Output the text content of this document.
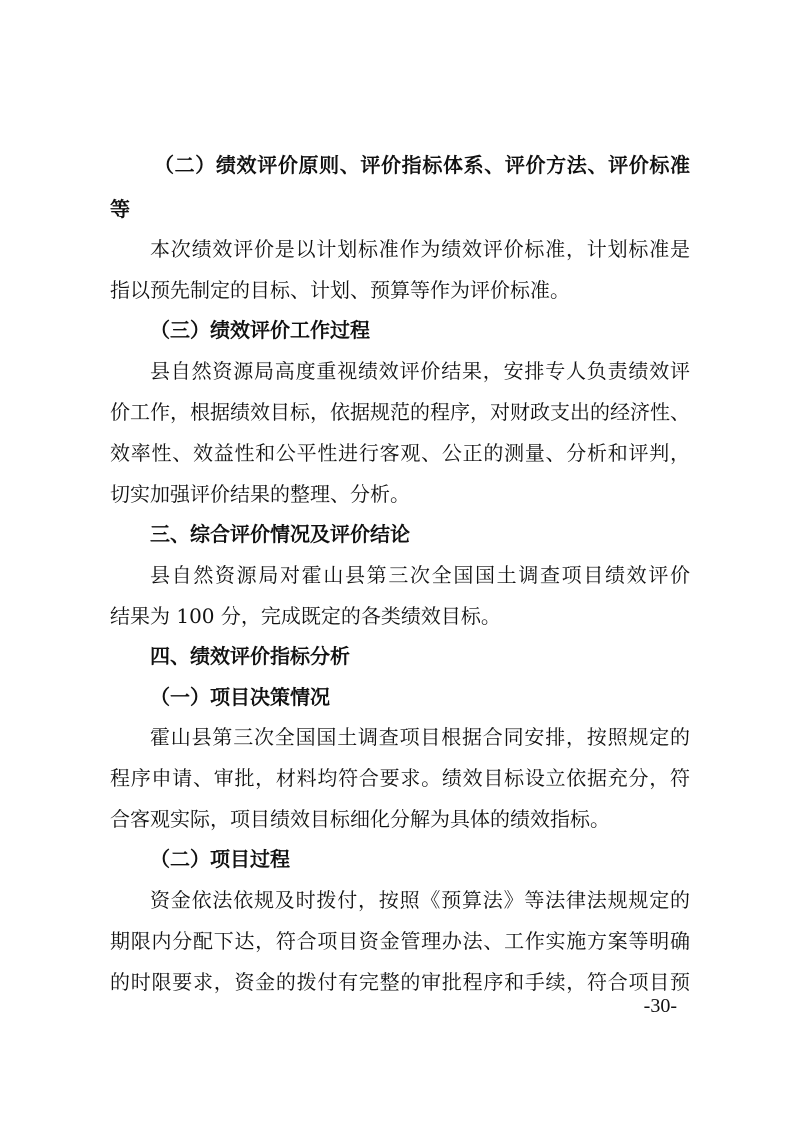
（二）绩效评价原则、评价指标体系、评价方法、评价标准
等
本次绩效评价是以计划标准作为绩效评价标准，计划标准是
指以预先制定的目标、计划、预算等作为评价标准。
（三）绩效评价工作过程
县自然资源局高度重视绩效评价结果，安排专人负责绩效评
价工作，根据绩效目标，依据规范的程序，对财政支出的经济性、
效率性、效益性和公平性进行客观、公正的测量、分析和评判，
切实加强评价结果的整理、分析。
三、综合评价情况及评价结论
县自然资源局对霍山县第三次全国国土调查项目绩效评价
结果为 100 分，完成既定的各类绩效目标。
四、绩效评价指标分析
（一）项目决策情况
霍山县第三次全国国土调查项目根据合同安排，按照规定的
程序申请、审批，材料均符合要求。绩效目标设立依据充分，符
合客观实际，项目绩效目标细化分解为具体的绩效指标。
（二）项目过程
资金依法依规及时拨付，按照《预算法》等法律法规规定的
期限内分配下达，符合项目资金管理办法、工作实施方案等明确
的时限要求，资金的拨付有完整的审批程序和手续，符合项目预
-30-
